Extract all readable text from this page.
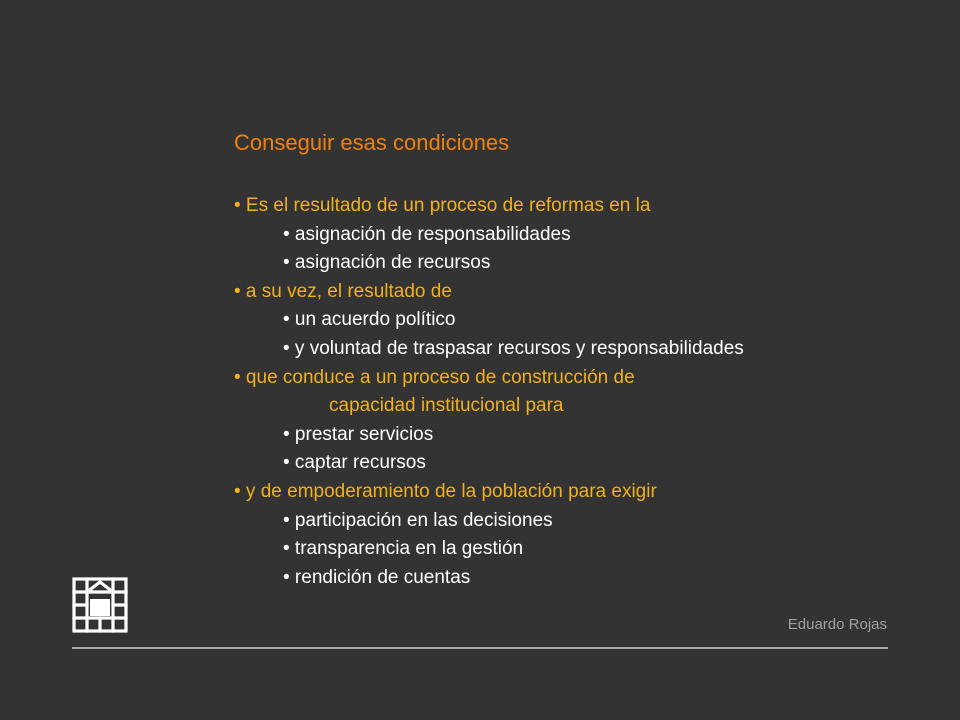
Conseguir esas condiciones
• Es el resultado de un proceso de reformas en la
• asignación de responsabilidades
• asignación de recursos
• a su vez, el resultado de
• un acuerdo político
• y voluntad de traspasar recursos y responsabilidades
• que conduce a un proceso de construcción de
capacidad institucional para
• prestar servicios
• captar recursos
• y de empoderamiento de la población para exigir
• participación en las decisiones
• transparencia en la gestión
• rendición de cuentas
Eduardo Rojas
